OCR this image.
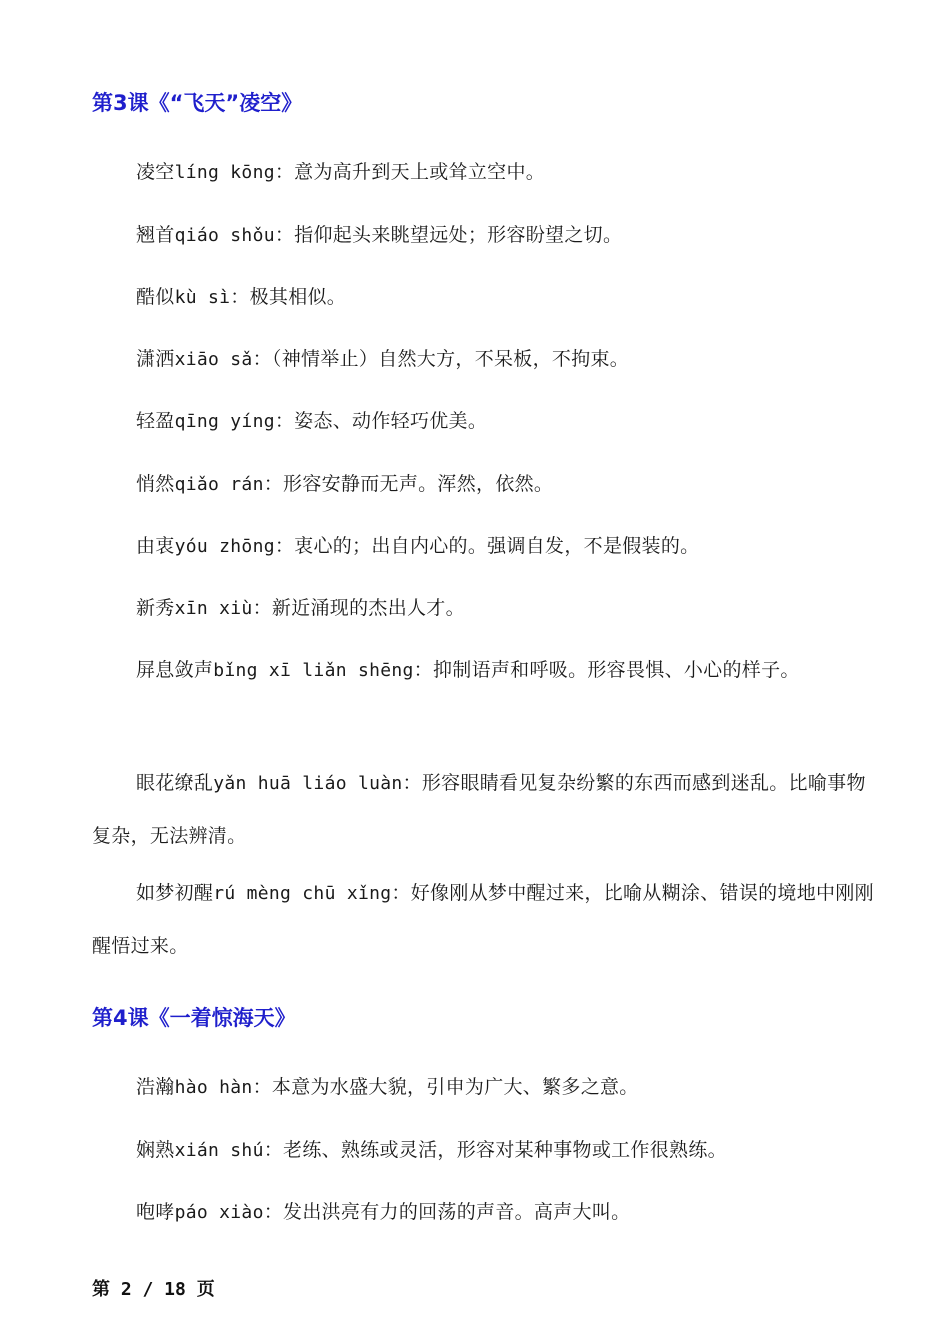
第3课《“飞天”凌空》
凌空líng kōng：意为高升到天上或耸立空中。
翘首qiáo shǒu：指仰起头来眺望远处；形容盼望之切。
酷似kù sì：极其相似。
潇洒xiāo sǎ：（神情举止）自然大方，不呆板，不拘束。
轻盈qīng yíng：姿态、动作轻巧优美。
悄然qiǎo rán：形容安静而无声。浑然，依然。
由衷yóu zhōng：衷心的；出自内心的。强调自发，不是假装的。
新秀xīn xiù：新近涌现的杰出人才。
屏息敛声bǐng xī liǎn shēng：抑制语声和呼吸。形容畏惧、小心的样子。
眼花缭乱yǎn huā liáo luàn：形容眼睛看见复杂纷繁的东西而感到迷乱。比喻事物复杂，无法辨清。
如梦初醒rú mèng chū xǐng：好像刚从梦中醒过来，比喻从糊涂、错误的境地中刚刚醒悟过来。
第4课《一着惊海天》
浩瀚hào hàn：本意为水盛大貌，引申为广大、繁多之意。
娴熟xián shú：老练、熟练或灵活，形容对某种事物或工作很熟练。
咆哮páo xiào：发出洪亮有力的回荡的声音。高声大叫。
第 2 / 18 页
